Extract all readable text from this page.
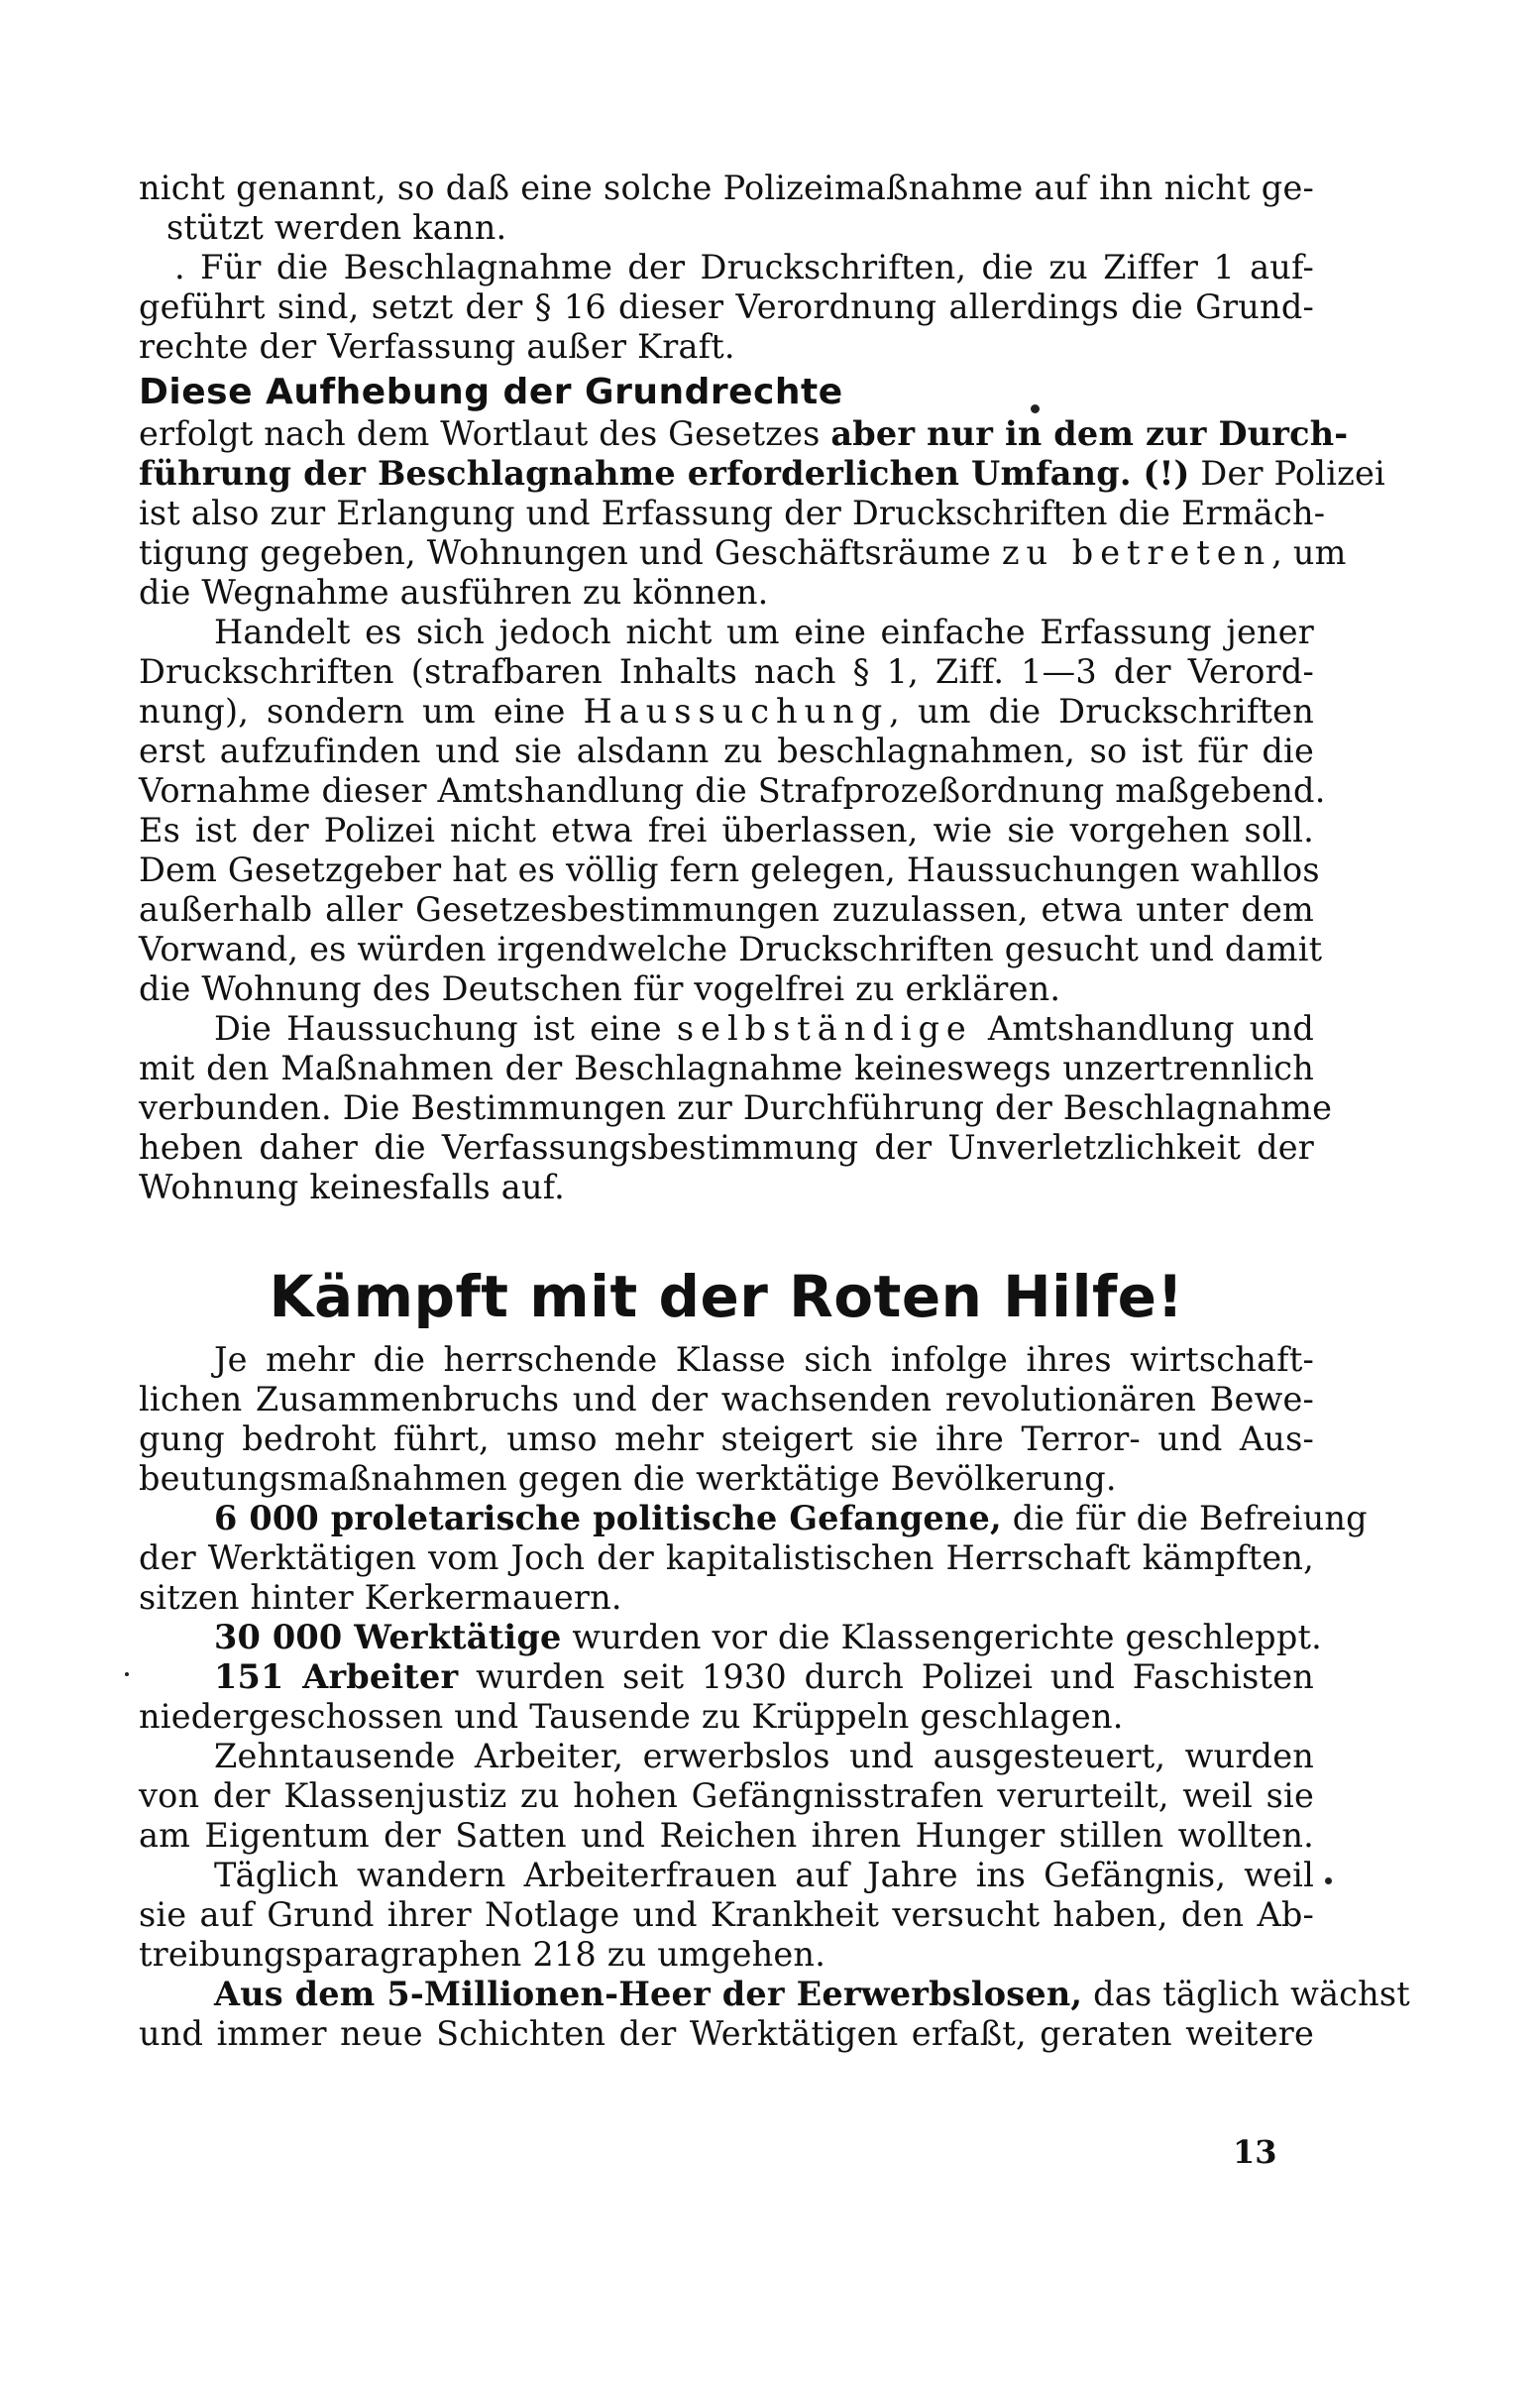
nicht genannt, so daß eine solche Polizeimaßnahme auf ihn nicht ge-
stützt werden kann.
. Für die Beschlagnahme der Druckschriften, die zu Ziffer 1 auf-
geführt sind, setzt der § 16 dieser Verordnung allerdings die Grund-
rechte der Verfassung außer Kraft.
Diese Aufhebung der Grundrechte
erfolgt nach dem Wortlaut des Gesetzes aber nur in dem zur Durch-
führung der Beschlagnahme erforderlichen Umfang. (!) Der Polizei
ist also zur Erlangung und Erfassung der Druckschriften die Ermäch-
tigung gegeben, Wohnungen und Geschäftsräume zu betreten, um
die Wegnahme ausführen zu können.
Handelt es sich jedoch nicht um eine einfache Erfassung jener
Druckschriften (strafbaren Inhalts nach § 1, Ziff. 1—3 der Verord-
nung), sondern um eine Haussuchung, um die Druckschriften
erst aufzufinden und sie alsdann zu beschlagnahmen, so ist für die
Vornahme dieser Amtshandlung die Strafprozeßordnung maßgebend.
Es ist der Polizei nicht etwa frei überlassen, wie sie vorgehen soll.
Dem Gesetzgeber hat es völlig fern gelegen, Haussuchungen wahllos
außerhalb aller Gesetzesbestimmungen zuzulassen, etwa unter dem
Vorwand, es würden irgendwelche Druckschriften gesucht und damit
die Wohnung des Deutschen für vogelfrei zu erklären.
Die Haussuchung ist eine selbständige Amtshandlung und
mit den Maßnahmen der Beschlagnahme keineswegs unzertrennlich
verbunden. Die Bestimmungen zur Durchführung der Beschlagnahme
heben daher die Verfassungsbestimmung der Unverletzlichkeit der
Wohnung keinesfalls auf.
Kämpft mit der Roten Hilfe!
Je mehr die herrschende Klasse sich infolge ihres wirtschaft-
lichen Zusammenbruchs und der wachsenden revolutionären Bewe-
gung bedroht führt, umso mehr steigert sie ihre Terror- und Aus-
beutungsmaßnahmen gegen die werktätige Bevölkerung.
6 000 proletarische politische Gefangene, die für die Befreiung
der Werktätigen vom Joch der kapitalistischen Herrschaft kämpften,
sitzen hinter Kerkermauern.
30 000 Werktätige wurden vor die Klassengerichte geschleppt.
151 Arbeiter wurden seit 1930 durch Polizei und Faschisten
niedergeschossen und Tausende zu Krüppeln geschlagen.
Zehntausende Arbeiter, erwerbslos und ausgesteuert, wurden
von der Klassenjustiz zu hohen Gefängnisstrafen verurteilt, weil sie
am Eigentum der Satten und Reichen ihren Hunger stillen wollten.
Täglich wandern Arbeiterfrauen auf Jahre ins Gefängnis, weil
sie auf Grund ihrer Notlage und Krankheit versucht haben, den Ab-
treibungsparagraphen 218 zu umgehen.
Aus dem 5-Millionen-Heer der Eerwerbslosen, das täglich wächst
und immer neue Schichten der Werktätigen erfaßt, geraten weitere
13
